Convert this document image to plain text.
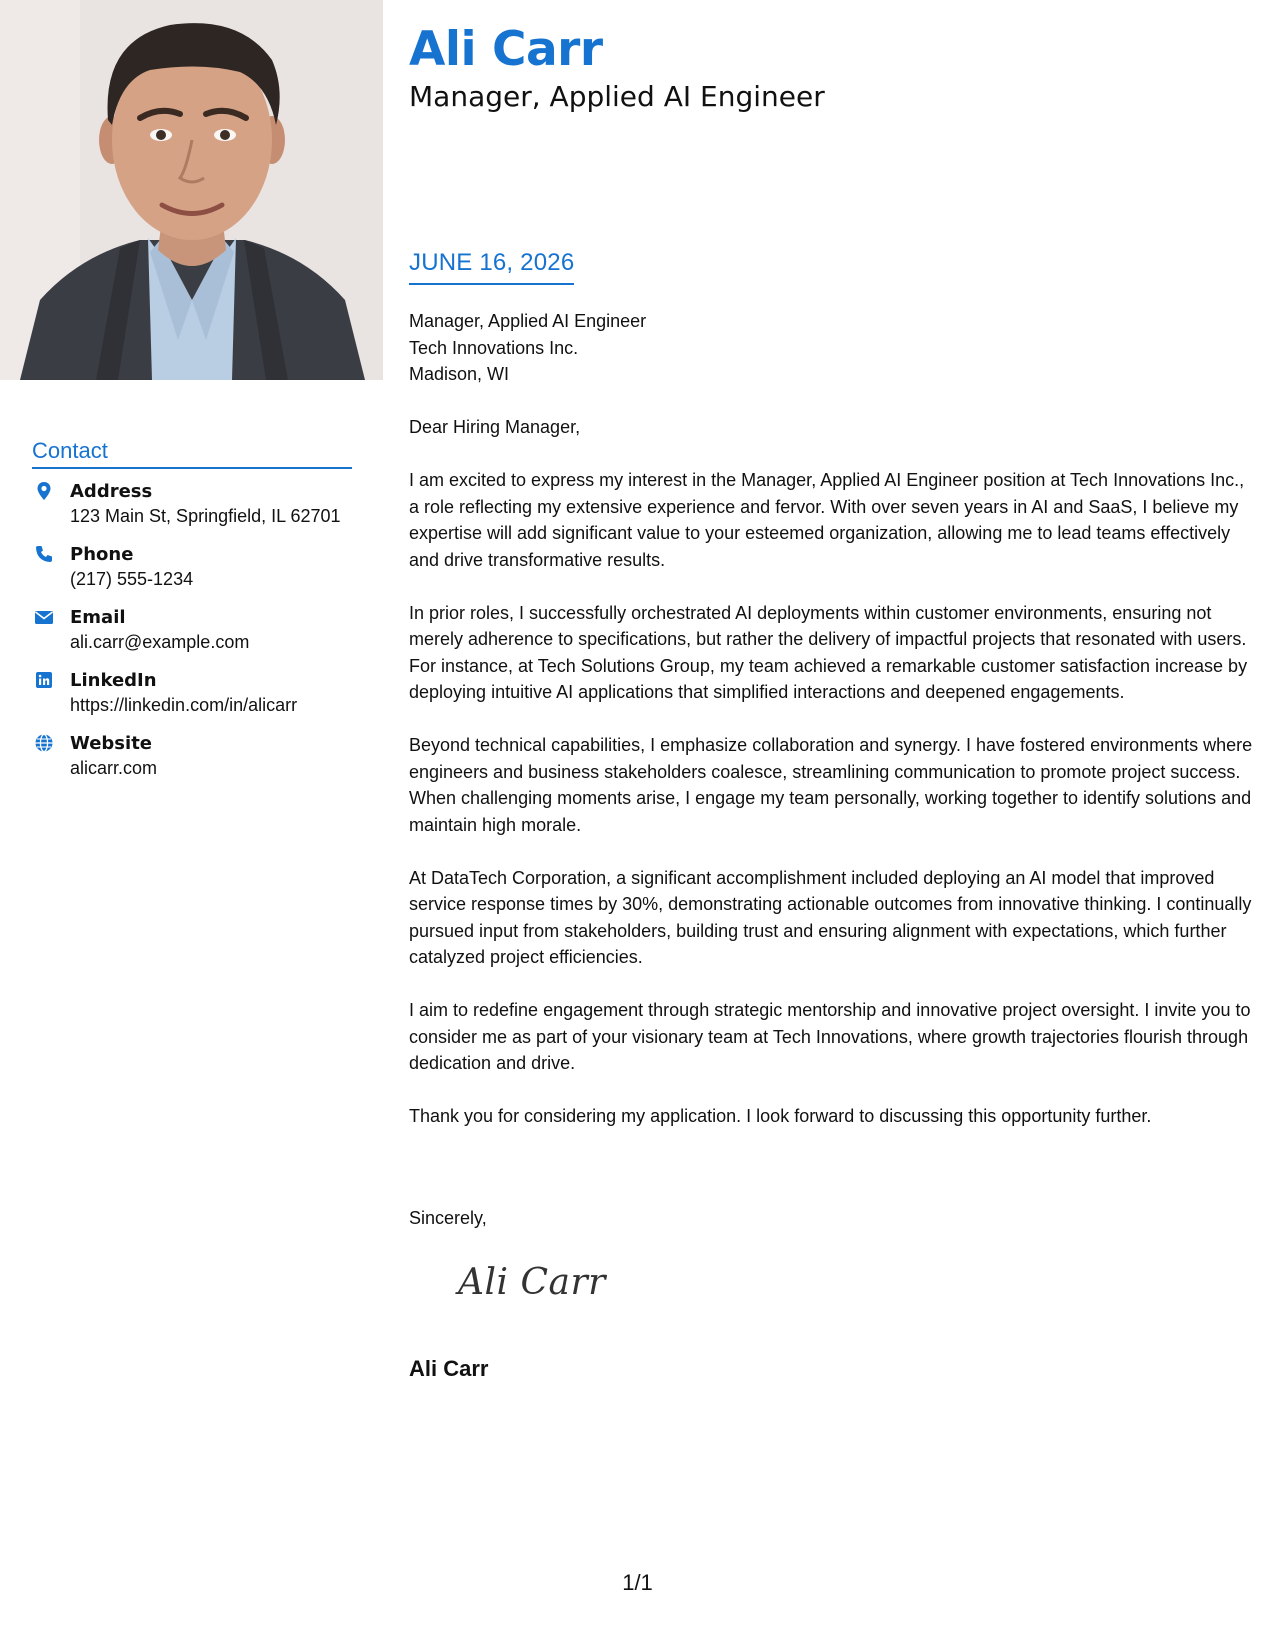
Ali Carr
Manager, Applied AI Engineer
JUNE 16, 2026
Manager, Applied AI Engineer
Tech Innovations Inc.
Madison, WI

Dear Hiring Manager,

I am excited to express my interest in the Manager, Applied AI Engineer position at Tech Innovations Inc., a role reflecting my extensive experience and fervor. With over seven years in AI and SaaS, I believe my expertise will add significant value to your esteemed organization, allowing me to lead teams effectively and drive transformative results.

In prior roles, I successfully orchestrated AI deployments within customer environments, ensuring not merely adherence to specifications, but rather the delivery of impactful projects that resonated with users. For instance, at Tech Solutions Group, my team achieved a remarkable customer satisfaction increase by deploying intuitive AI applications that simplified interactions and deepened engagements.

Beyond technical capabilities, I emphasize collaboration and synergy. I have fostered environments where engineers and business stakeholders coalesce, streamlining communication to promote project success. When challenging moments arise, I engage my team personally, working together to identify solutions and maintain high morale.

At DataTech Corporation, a significant accomplishment included deploying an AI model that improved service response times by 30%, demonstrating actionable outcomes from innovative thinking. I continually pursued input from stakeholders, building trust and ensuring alignment with expectations, which further catalyzed project efficiencies.

I aim to redefine engagement through strategic mentorship and innovative project oversight. I invite you to consider me as part of your visionary team at Tech Innovations, where growth trajectories flourish through dedication and drive.

Thank you for considering my application. I look forward to discussing this opportunity further.

Sincerely,
Ali Carr
Ali Carr
Contact
Address
123 Main St, Springfield, IL 62701
Phone
(217) 555-1234
Email
ali.carr@example.com
LinkedIn
https://linkedin.com/in/alicarr
Website
alicarr.com
1/1
